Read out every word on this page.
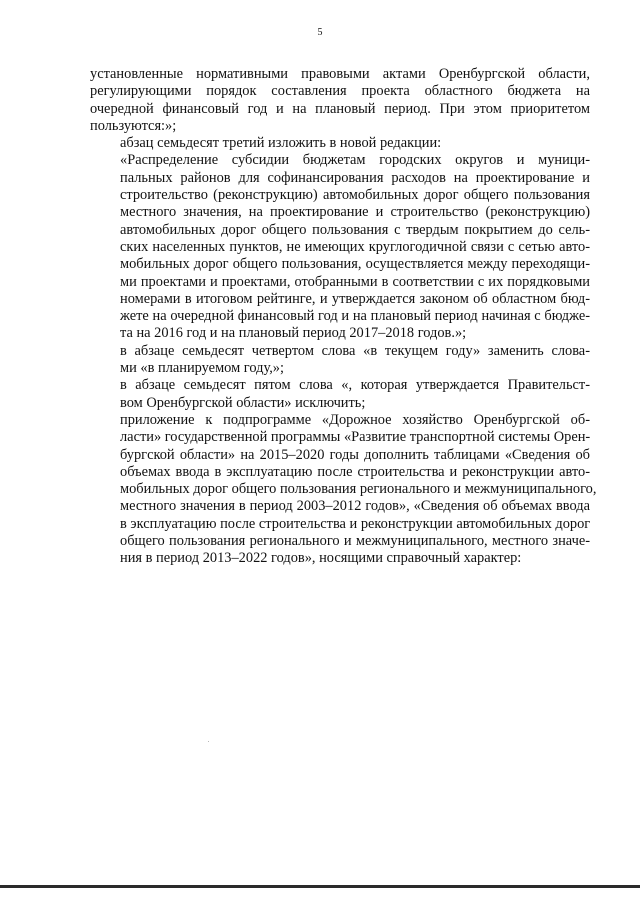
5

установленные нормативными правовыми актами Оренбургской области,
регулирующими порядок составления проекта областного бюджета на
очередной финансовый год и на плановый период. При этом приоритетом
пользуются:»;

абзац семьдесят третий изложить в новой редакции:

«Распределение субсидии бюджетам городских округов и муници-
пальных районов для софинансирования расходов на проектирование и
строительство (реконструкцию) автомобильных дорог общего пользования
местного значения, на проектирование и строительство (реконструкцию)
автомобильных дорог общего пользования с твердым покрытием до сель-
ских населенных пунктов, не имеющих круглогодичной связи с сетью авто-
мобильных дорог общего пользования, осуществляется между переходящи-
ми проектами и проектами, отобранными в соответствии с их порядковыми
номерами в итоговом рейтинге, и утверждается законом об областном бюд-
жете на очередной финансовый год и на плановый период начиная с бюдже-
та на 2016 год и на плановый период 2017–2018 годов.»;

в абзаце семьдесят четвертом слова «в текущем году» заменить слова-
ми «в планируемом году,»;

в абзаце семьдесят пятом слова «, которая утверждается Правительст-
вом Оренбургской области» исключить;

приложение к подпрограмме «Дорожное хозяйство Оренбургской об-
ласти» государственной программы «Развитие транспортной системы Орен-
бургской области» на 2015–2020 годы дополнить таблицами «Сведения об
объемах ввода в эксплуатацию после строительства и реконструкции авто-
мобильных дорог общего пользования регионального и межмуниципального,
местного значения в период 2003–2012 годов», «Сведения об объемах ввода
в эксплуатацию после строительства и реконструкции автомобильных дорог
общего пользования регионального и межмуниципального, местного значе-
ния в период 2013–2022 годов», носящими справочный характер:
